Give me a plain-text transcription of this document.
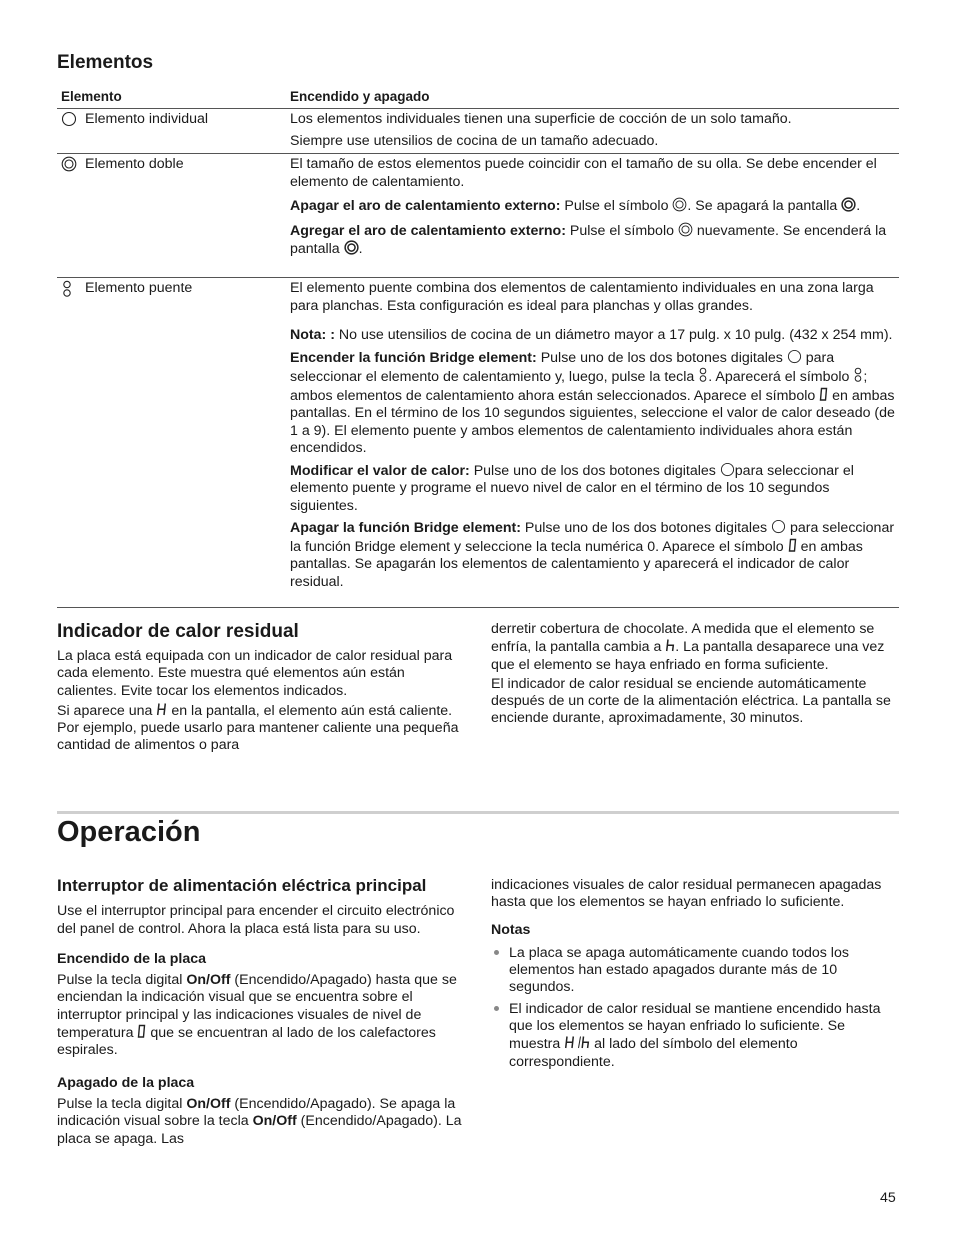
Elementos
Elemento	Encendido y apagado
Elemento individual	Los elementos individuales tienen una superficie de cocción de un solo tamaño.

Siempre use utensilios de cocina de un tamaño adecuado.

Elemento doble	El tamaño de estos elementos puede coincidir con el tamaño de su olla. Se debe encender el elemento de calentamiento.

Apagar el aro de calentamiento externo: Pulse el símbolo . Se apagará la pantalla .

Agregar el aro de calentamiento externo: Pulse el símbolo  nuevamente. Se encenderá la pantalla .

Elemento puente	El elemento puente combina dos elementos de calentamiento individuales en una zona larga para planchas. Esta configuración es ideal para planchas y ollas grandes.

Nota: : No use utensilios de cocina de un diámetro mayor a 17 pulg. x 10 pulg. (432 x 254 mm).

Encender la función Bridge element: Pulse uno de los dos botones digitales  para seleccionar el elemento de calentamiento y, luego, pulse la tecla . Aparecerá el símbolo ; ambos elementos de calentamiento ahora están seleccionados. Aparece el símbolo  en ambas pantallas. En el término de los 10 segundos siguientes, seleccione el valor de calor deseado (de 1 a 9). El elemento puente y ambos elementos de calentamiento individuales ahora están encendidos.

Modificar el valor de calor: Pulse uno de los dos botones digitales para seleccionar el elemento puente y programe el nuevo nivel de calor en el término de los 10 segundos siguientes.

Apagar la función Bridge element: Pulse uno de los dos botones digitales  para seleccionar la función Bridge element y seleccione la tecla numérica 0. Aparece el símbolo  en ambas pantallas. Se apagarán los elementos de calentamiento y aparecerá el indicador de calor residual.

Indicador de calor residual

La placa está equipada con un indicador de calor residual para cada elemento. Este muestra qué elementos aún están calientes. Evite tocar los elementos indicados.

Si aparece una  en la pantalla, el elemento aún está caliente. Por ejemplo, puede usarlo para mantener caliente una pequeña cantidad de alimentos o para

derretir cobertura de chocolate. A medida que el elemento se enfría, la pantalla cambia a . La pantalla desaparece una vez que el elemento se haya enfriado en forma suficiente.

El indicador de calor residual se enciende automáticamente después de un corte de la alimentación eléctrica. La pantalla se enciende durante, aproximadamente, 30 minutos.

Operación
Interruptor de alimentación eléctrica principal

Use el interruptor principal para encender el circuito electrónico del panel de control. Ahora la placa está lista para su uso.

Encendido de la placa

Pulse la tecla digital On/Off (Encendido/Apagado) hasta que se enciendan la indicación visual que se encuentra sobre el interruptor principal y las indicaciones visuales de nivel de temperatura  que se encuentran al lado de los calefactores espirales.

Apagado de la placa

Pulse la tecla digital On/Off (Encendido/Apagado). Se apaga la indicación visual sobre la tecla On/Off (Encendido/Apagado). La placa se apaga. Las

indicaciones visuales de calor residual permanecen apagadas hasta que los elementos se hayan enfriado lo suficiente.

Notas
La placa se apaga automáticamente cuando todos los elementos han estado apagados durante más de 10 segundos.
El indicador de calor residual se mantiene encendido hasta que los elementos se hayan enfriado lo suficiente. Se muestra  al lado del símbolo del elemento correspondiente.
45
